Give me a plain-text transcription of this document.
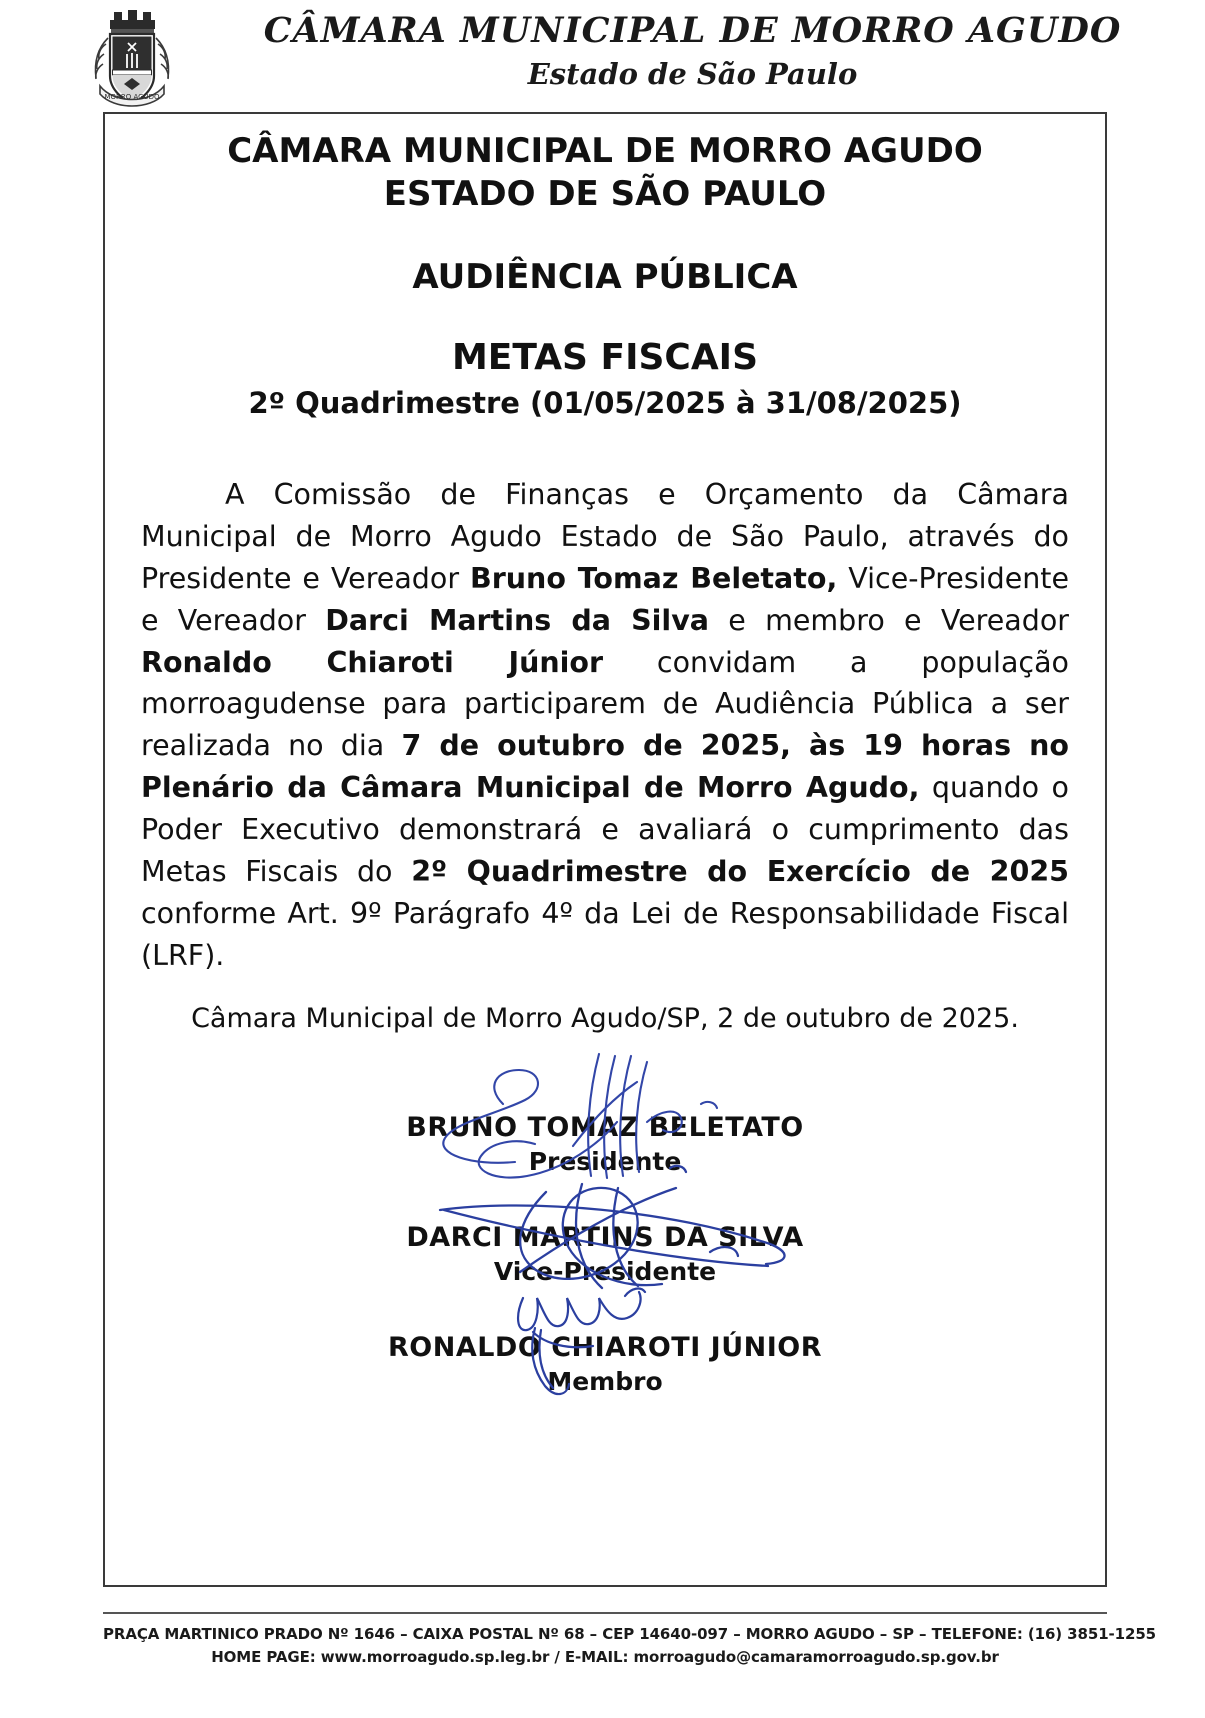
MORRO AGUDO
CÂMARA MUNICIPAL DE MORRO AGUDO
Estado de São Paulo
CÂMARA MUNICIPAL DE MORRO AGUDO
ESTADO DE SÃO PAULO
AUDIÊNCIA PÚBLICA
METAS FISCAIS
2º Quadrimestre (01/05/2025 à 31/08/2025)
A Comissão de Finanças e Orçamento da Câmara Municipal de Morro Agudo Estado de São Paulo, através do Presidente e Vereador Bruno Tomaz Beletato, Vice-Presidente e Vereador Darci Martins da Silva e membro e Vereador Ronaldo Chiaroti Júnior convidam a população morroagudense para participarem de Audiência Pública a ser realizada no dia 7 de outubro de 2025, às 19 horas no Plenário da Câmara Municipal de Morro Agudo, quando o Poder Executivo demonstrará e avaliará o cumprimento das Metas Fiscais do 2º Quadrimestre do Exercício de 2025 conforme Art. 9º Parágrafo 4º da Lei de Responsabilidade Fiscal (LRF).
Câmara Municipal de Morro Agudo/SP, 2 de outubro de 2025.
BRUNO TOMAZ BELETATO
Presidente
DARCI MARTINS DA SILVA
Vice-Presidente
RONALDO CHIAROTI JÚNIOR
Membro
PRAÇA MARTINICO PRADO Nº 1646 – CAIXA POSTAL Nº 68 – CEP 14640-097 – MORRO AGUDO – SP – TELEFONE: (16) 3851-1255
HOME PAGE: www.morroagudo.sp.leg.br / E-MAIL: morroagudo@camaramorroagudo.sp.gov.br
